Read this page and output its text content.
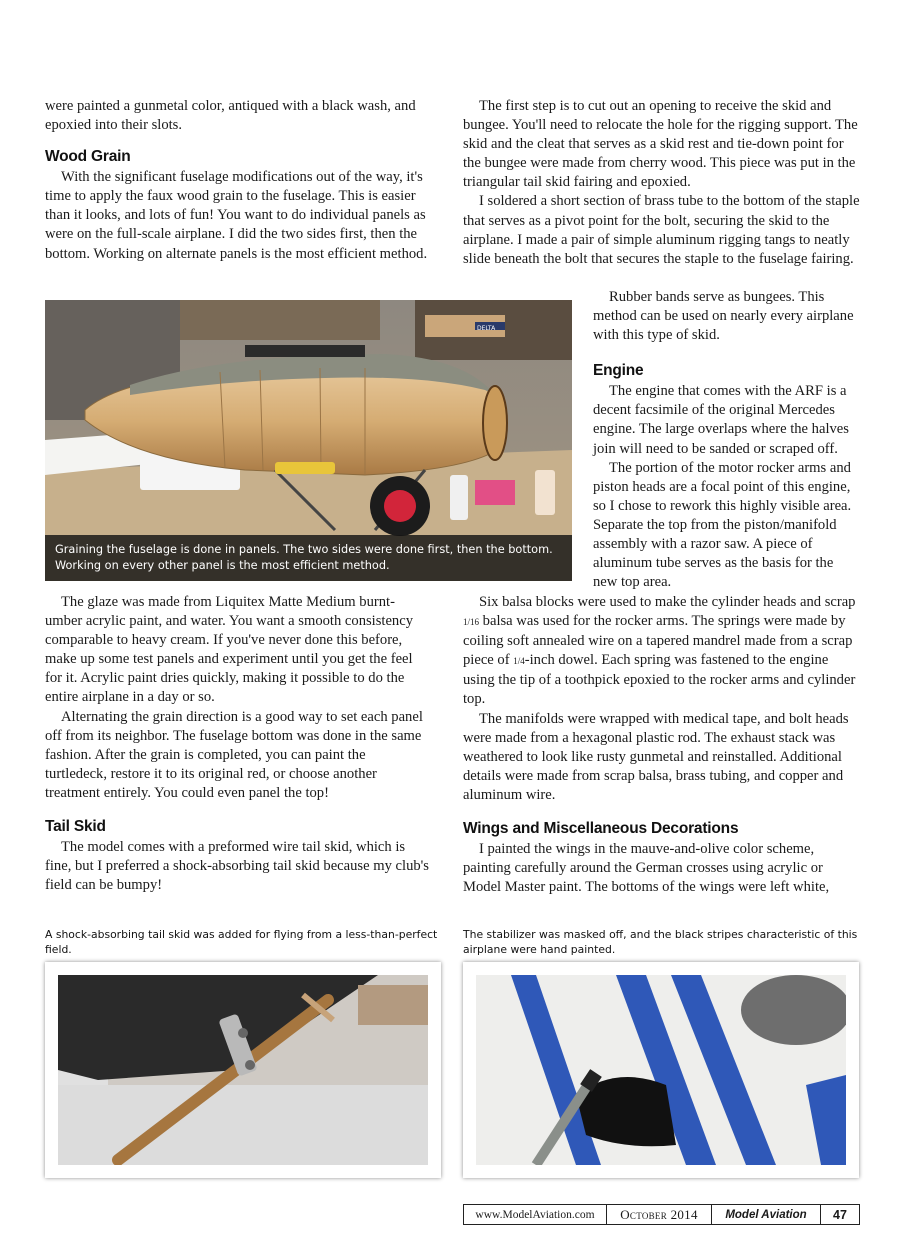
were painted a gunmetal color, antiqued with a black wash, and epoxied into their slots.

Wood Grain

With the significant fuselage modifications out of the way, it's time to apply the faux wood grain to the fuselage. This is easier than it looks, and lots of fun! You want to do individual panels as were on the full-scale airplane. I did the two sides first, then the bottom. Working on alternate panels is the most efficient method.

DELTA
Graining the fuselage is done in panels. The two sides were done first, then the bottom. Working on every other panel is the most efficient method.

The first step is to cut out an opening to receive the skid and bungee. You'll need to relocate the hole for the rigging support. The skid and the cleat that serves as a skid rest and tie-down point for the bungee were made from cherry wood. This piece was put in the triangular tail skid fairing and epoxied.

I soldered a short section of brass tube to the bottom of the staple that serves as a pivot point for the bolt, securing the skid to the airplane. I made a pair of simple aluminum rigging tangs to neatly slide beneath the bolt that secures the staple to the fuselage fairing.

Rubber bands serve as bungees. This method can be used on nearly every airplane with this type of skid.

Engine

The engine that comes with the ARF is a decent facsimile of the original Mercedes engine. The large overlaps where the halves join will need to be sanded or scraped off.

The portion of the motor rocker arms and piston heads are a focal point of this engine, so I chose to rework this highly visible area. Separate the top from the piston/manifold assembly with a razor saw. A piece of aluminum tube serves as the basis for the new top area.

The glaze was made from Liquitex Matte Medium burnt-umber acrylic paint, and water. You want a smooth consistency comparable to heavy cream. If you've never done this before, make up some test panels and experiment until you get the feel for it. Acrylic paint dries quickly, making it possible to do the entire airplane in a day or so.

Alternating the grain direction is a good way to set each panel off from its neighbor. The fuselage bottom was done in the same fashion. After the grain is completed, you can paint the turtledeck, restore it to its original red, or choose another treatment entirely. You could even panel the top!

Tail Skid

The model comes with a preformed wire tail skid, which is fine, but I preferred a shock-absorbing tail skid because my club's field can be bumpy!

Six balsa blocks were used to make the cylinder heads and scrap 1/16 balsa was used for the rocker arms. The springs were made by coiling soft annealed wire on a tapered mandrel made from a scrap piece of 1/4-inch dowel. Each spring was fastened to the engine using the tip of a toothpick epoxied to the rocker arms and cylinder top.

The manifolds were wrapped with medical tape, and bolt heads were made from a hexagonal plastic rod. The exhaust stack was weathered to look like rusty gunmetal and reinstalled. Additional details were made from scrap balsa, brass tubing, and copper and aluminum wire.

Wings and Miscellaneous Decorations

I painted the wings in the mauve-and-olive color scheme, painting carefully around the German crosses using acrylic or Model Master paint. The bottoms of the wings were left white,

A shock-absorbing tail skid was added for flying from a less-than-perfect field.
The stabilizer was masked off, and the black stripes characteristic of this airplane were hand painted.
www.ModelAviation.com	October 2014	Model Aviation	47
